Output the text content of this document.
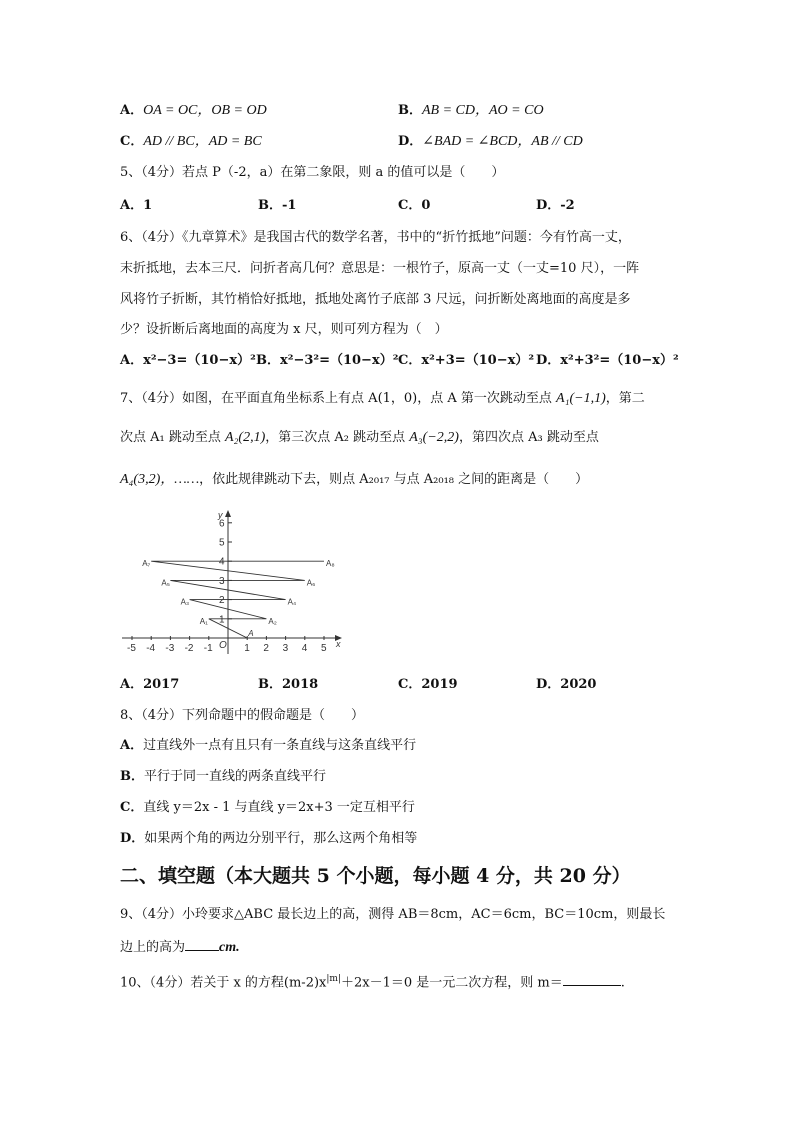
A．OA = OC，OB = OD	B．AB = CD，AO = CO
C．AD // BC，AD = BC	D．∠BAD = ∠BCD，AB // CD
5、（4分）若点 P（-2，a）在第二象限，则 a 的值可以是（　　）
A．1	B．-1	C．0	D．-2
6、（4分）《九章算术》是我国古代的数学名著，书中的“折竹抵地”问题：今有竹高一丈，
末折抵地，去本三尺．问折者高几何？意思是：一根竹子，原高一丈（一丈=10 尺），一阵
风将竹子折断，其竹梢恰好抵地，抵地处离竹子底部 3 尺远，问折断处离地面的高度是多
少？设折断后离地面的高度为 x 尺，则可列方程为（　）
A．x²−3=（10−x）² B．x²−3²=（10−x）² C．x²+3=（10−x）² D．x²+3²=（10−x）²
7、（4分）如图，在平面直角坐标系上有点 A(1，0)，点 A 第一次跳动至点 A₁(−1,1)，第二
次点 A₁ 跳动至点 A₂(2,1)，第三次点 A₂ 跳动至点 A₃(−2,2)，第四次点 A₃ 跳动至点
A₄(3,2)，……，依此规律跳动下去，则点 A₂₀₁₇ 与点 A₂₀₁₈ 之间的距离是（　　）
x
y
-5 -4 -3 -2 -1 O 1 2 3 4 5
1
2
3
4
5
6
A
A₁	A₂
A₃	A₄
A₅	A₆
A₇	A₈
A．2017	B．2018	C．2019	D．2020
8、（4分）下列命题中的假命题是（　　）
A．过直线外一点有且只有一条直线与这条直线平行
B．平行于同一直线的两条直线平行
C．直线 y＝2x - 1 与直线 y＝2x+3 一定互相平行
D．如果两个角的两边分别平行，那么这两个角相等
二、填空题（本大题共 5 个小题，每小题 4 分，共 20 分）
9、（4分）小玲要求△ABC 最长边上的高，测得 AB＝8cm，AC＝6cm，BC＝10cm，则最长
边上的高为 cm.
10、（4分）若关于 x 的方程$(m-2)x^{|m|}+2x-1=0$ 是一元二次方程，则 m＝	.
